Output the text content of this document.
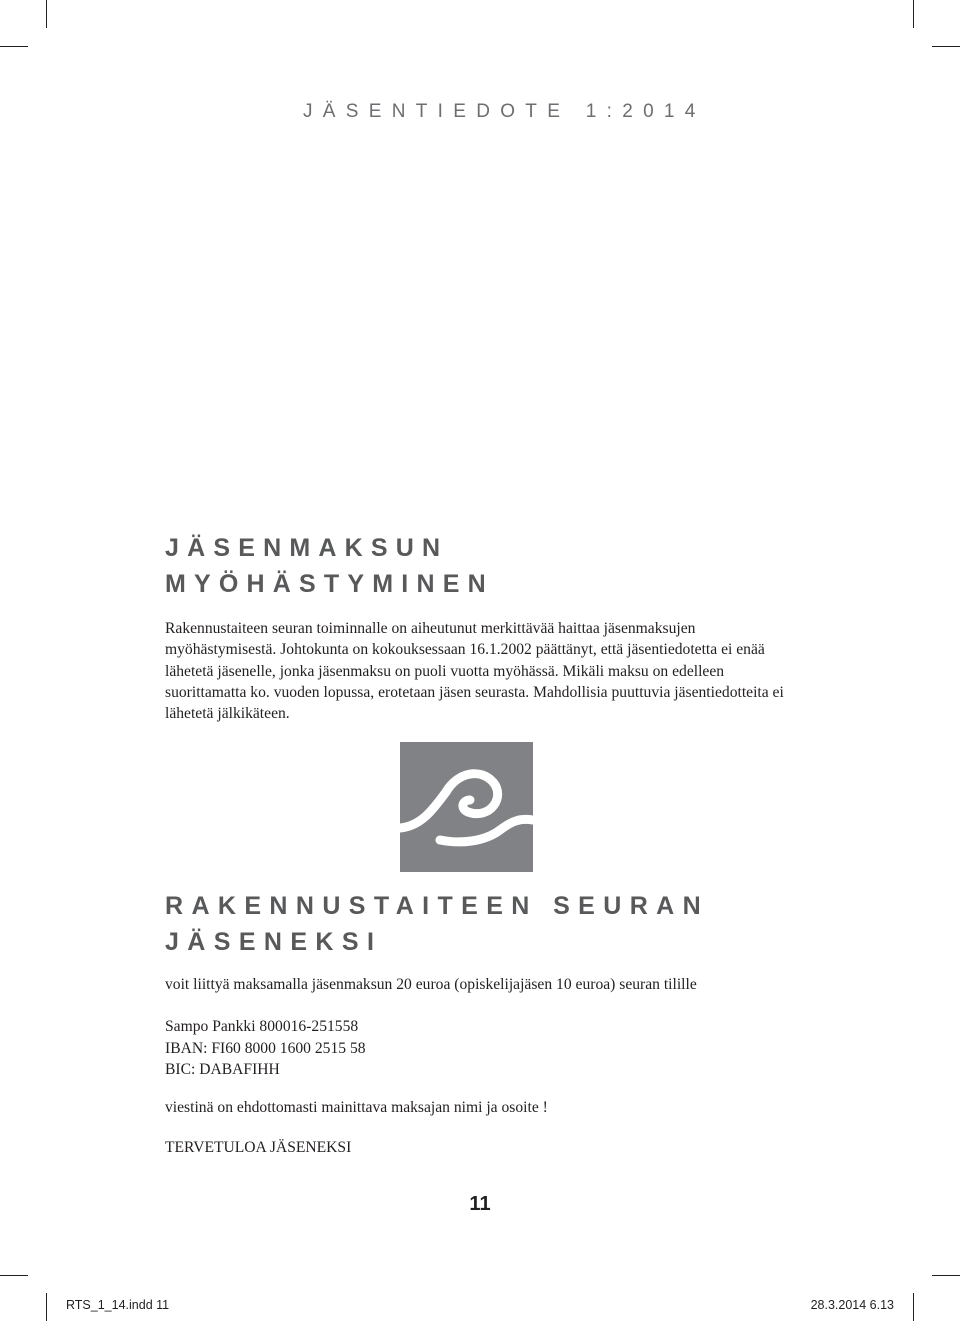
JÄSENTIEDOTE 1:2014
JÄSENMAKSUN
MYÖHÄSTYMINEN
Rakennustaiteen seuran toiminnalle on aiheutunut merkittävää haittaa jäsenmaksujen myöhästymisestä. Johtokunta on kokouksessaan 16.1.2002 päättänyt, että jäsentiedotetta ei enää lähetetä jäsenelle, jonka jäsenmaksu on puoli vuotta myöhässä. Mikäli maksu on edelleen suorittamatta ko. vuoden lopussa, erotetaan jäsen seurasta. Mahdollisia puuttuvia jäsentiedotteita ei lähetetä jälkikäteen.
RAKENNUSTAITEEN SEURAN
JÄSENEKSI
voit liittyä maksamalla jäsenmaksun 20 euroa (opiskelijajäsen 10 euroa) seuran tilille
Sampo Pankki 800016-251558
IBAN: FI60 8000 1600 2515 58
BIC: DABAFIHH
viestinä on ehdottomasti mainittava maksajan nimi ja osoite !
TERVETULOA JÄSENEKSI
11
RTS_1_14.indd 11	28.3.2014 6.13
